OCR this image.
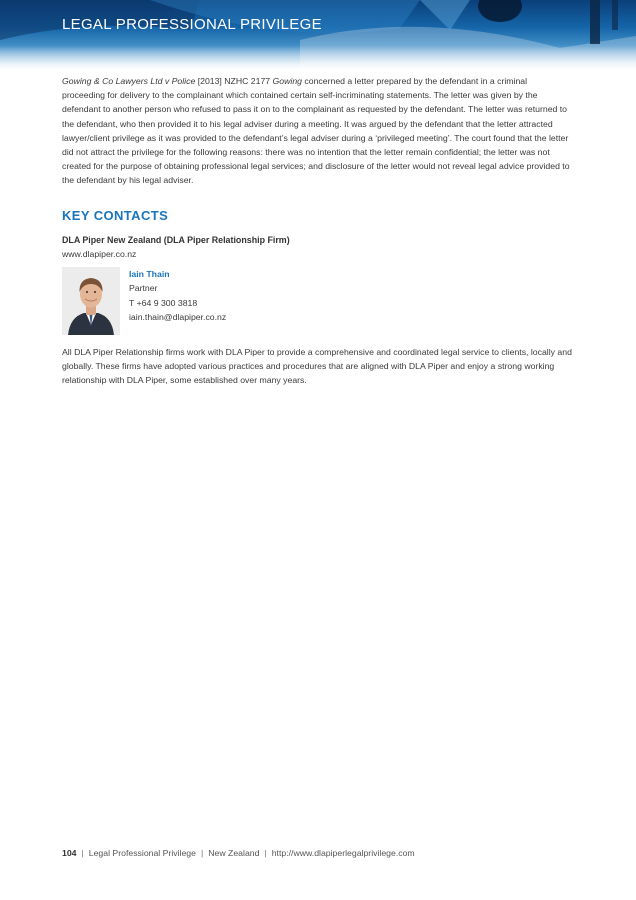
LEGAL PROFESSIONAL PRIVILEGE

Gowing & Co Lawyers Ltd v Police [2013] NZHC 2177 Gowing concerned a letter prepared by the defendant in a criminal proceeding for delivery to the complainant which contained certain self-incriminating statements. The letter was given by the defendant to another person who refused to pass it on to the complainant as requested by the defendant. The letter was returned to the defendant, who then provided it to his legal adviser during a meeting. It was argued by the defendant that the letter attracted lawyer/client privilege as it was provided to the defendant’s legal adviser during a ‘privileged meeting’. The court found that the letter did not attract the privilege for the following reasons: there was no intention that the letter remain confidential; the letter was not created for the purpose of obtaining professional legal services; and disclosure of the letter would not reveal legal advice provided to the defendant by his legal adviser.

KEY CONTACTS
DLA Piper New Zealand (DLA Piper Relationship Firm)
www.dlapiper.co.nz
Iain Thain
Partner
T +64 9 300 3818
iain.thain@dlapiper.co.nz

All DLA Piper Relationship firms work with DLA Piper to provide a comprehensive and coordinated legal service to clients, locally and globally. These firms have adopted various practices and procedures that are aligned with DLA Piper and enjoy a strong working relationship with DLA Piper, some established over many years.

104 | Legal Professional Privilege | New Zealand | http://www.dlapiperlegalprivilege.com
